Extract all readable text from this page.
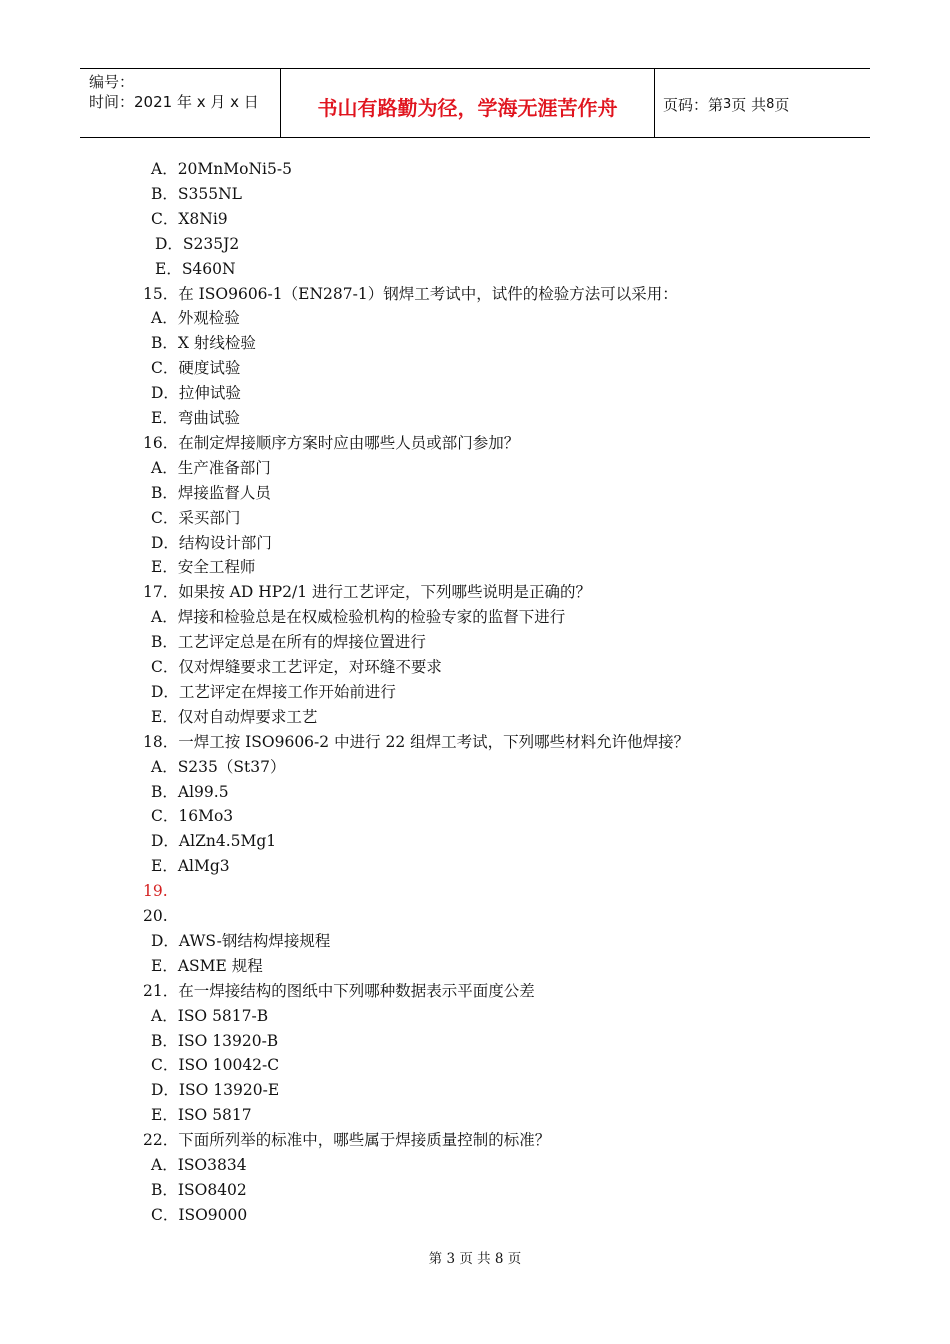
编号：
时间：2021 年 x 月 x 日	书山有路勤为径，学海无涯苦作舟	页码：第 3 页 共 8 页
A．20MnMoNi5-5
B．S355NL
C．X8Ni9
D．S235J2
E．S460N
15．在 ISO9606-1（EN287-1）钢焊工考试中，试件的检验方法可以采用：
A．外观检验
B．X 射线检验
C．硬度试验
D．拉伸试验
E．弯曲试验
16．在制定焊接顺序方案时应由哪些人员或部门参加？
A．生产准备部门
B．焊接监督人员
C．采买部门
D．结构设计部门
E．安全工程师
17．如果按 AD HP2/1 进行工艺评定，下列哪些说明是正确的？
A．焊接和检验总是在权威检验机构的检验专家的监督下进行
B．工艺评定总是在所有的焊接位置进行
C．仅对焊缝要求工艺评定，对环缝不要求
D．工艺评定在焊接工作开始前进行
E．仅对自动焊要求工艺
18．一焊工按 ISO9606-2 中进行 22 组焊工考试，下列哪些材料允许他焊接？
A．S235（St37）
B．Al99.5
C．16Mo3
D．AlZn4.5Mg1
E．AlMg3
19.
20.
D．AWS-钢结构焊接规程
E．ASME 规程
21．在一焊接结构的图纸中下列哪种数据表示平面度公差
A．ISO 5817-B
B．ISO 13920-B
C．ISO 10042-C
D．ISO 13920-E
E．ISO 5817
22．下面所列举的标准中，哪些属于焊接质量控制的标准？
A．ISO3834
B．ISO8402
C．ISO9000
第 3 页 共 8 页
